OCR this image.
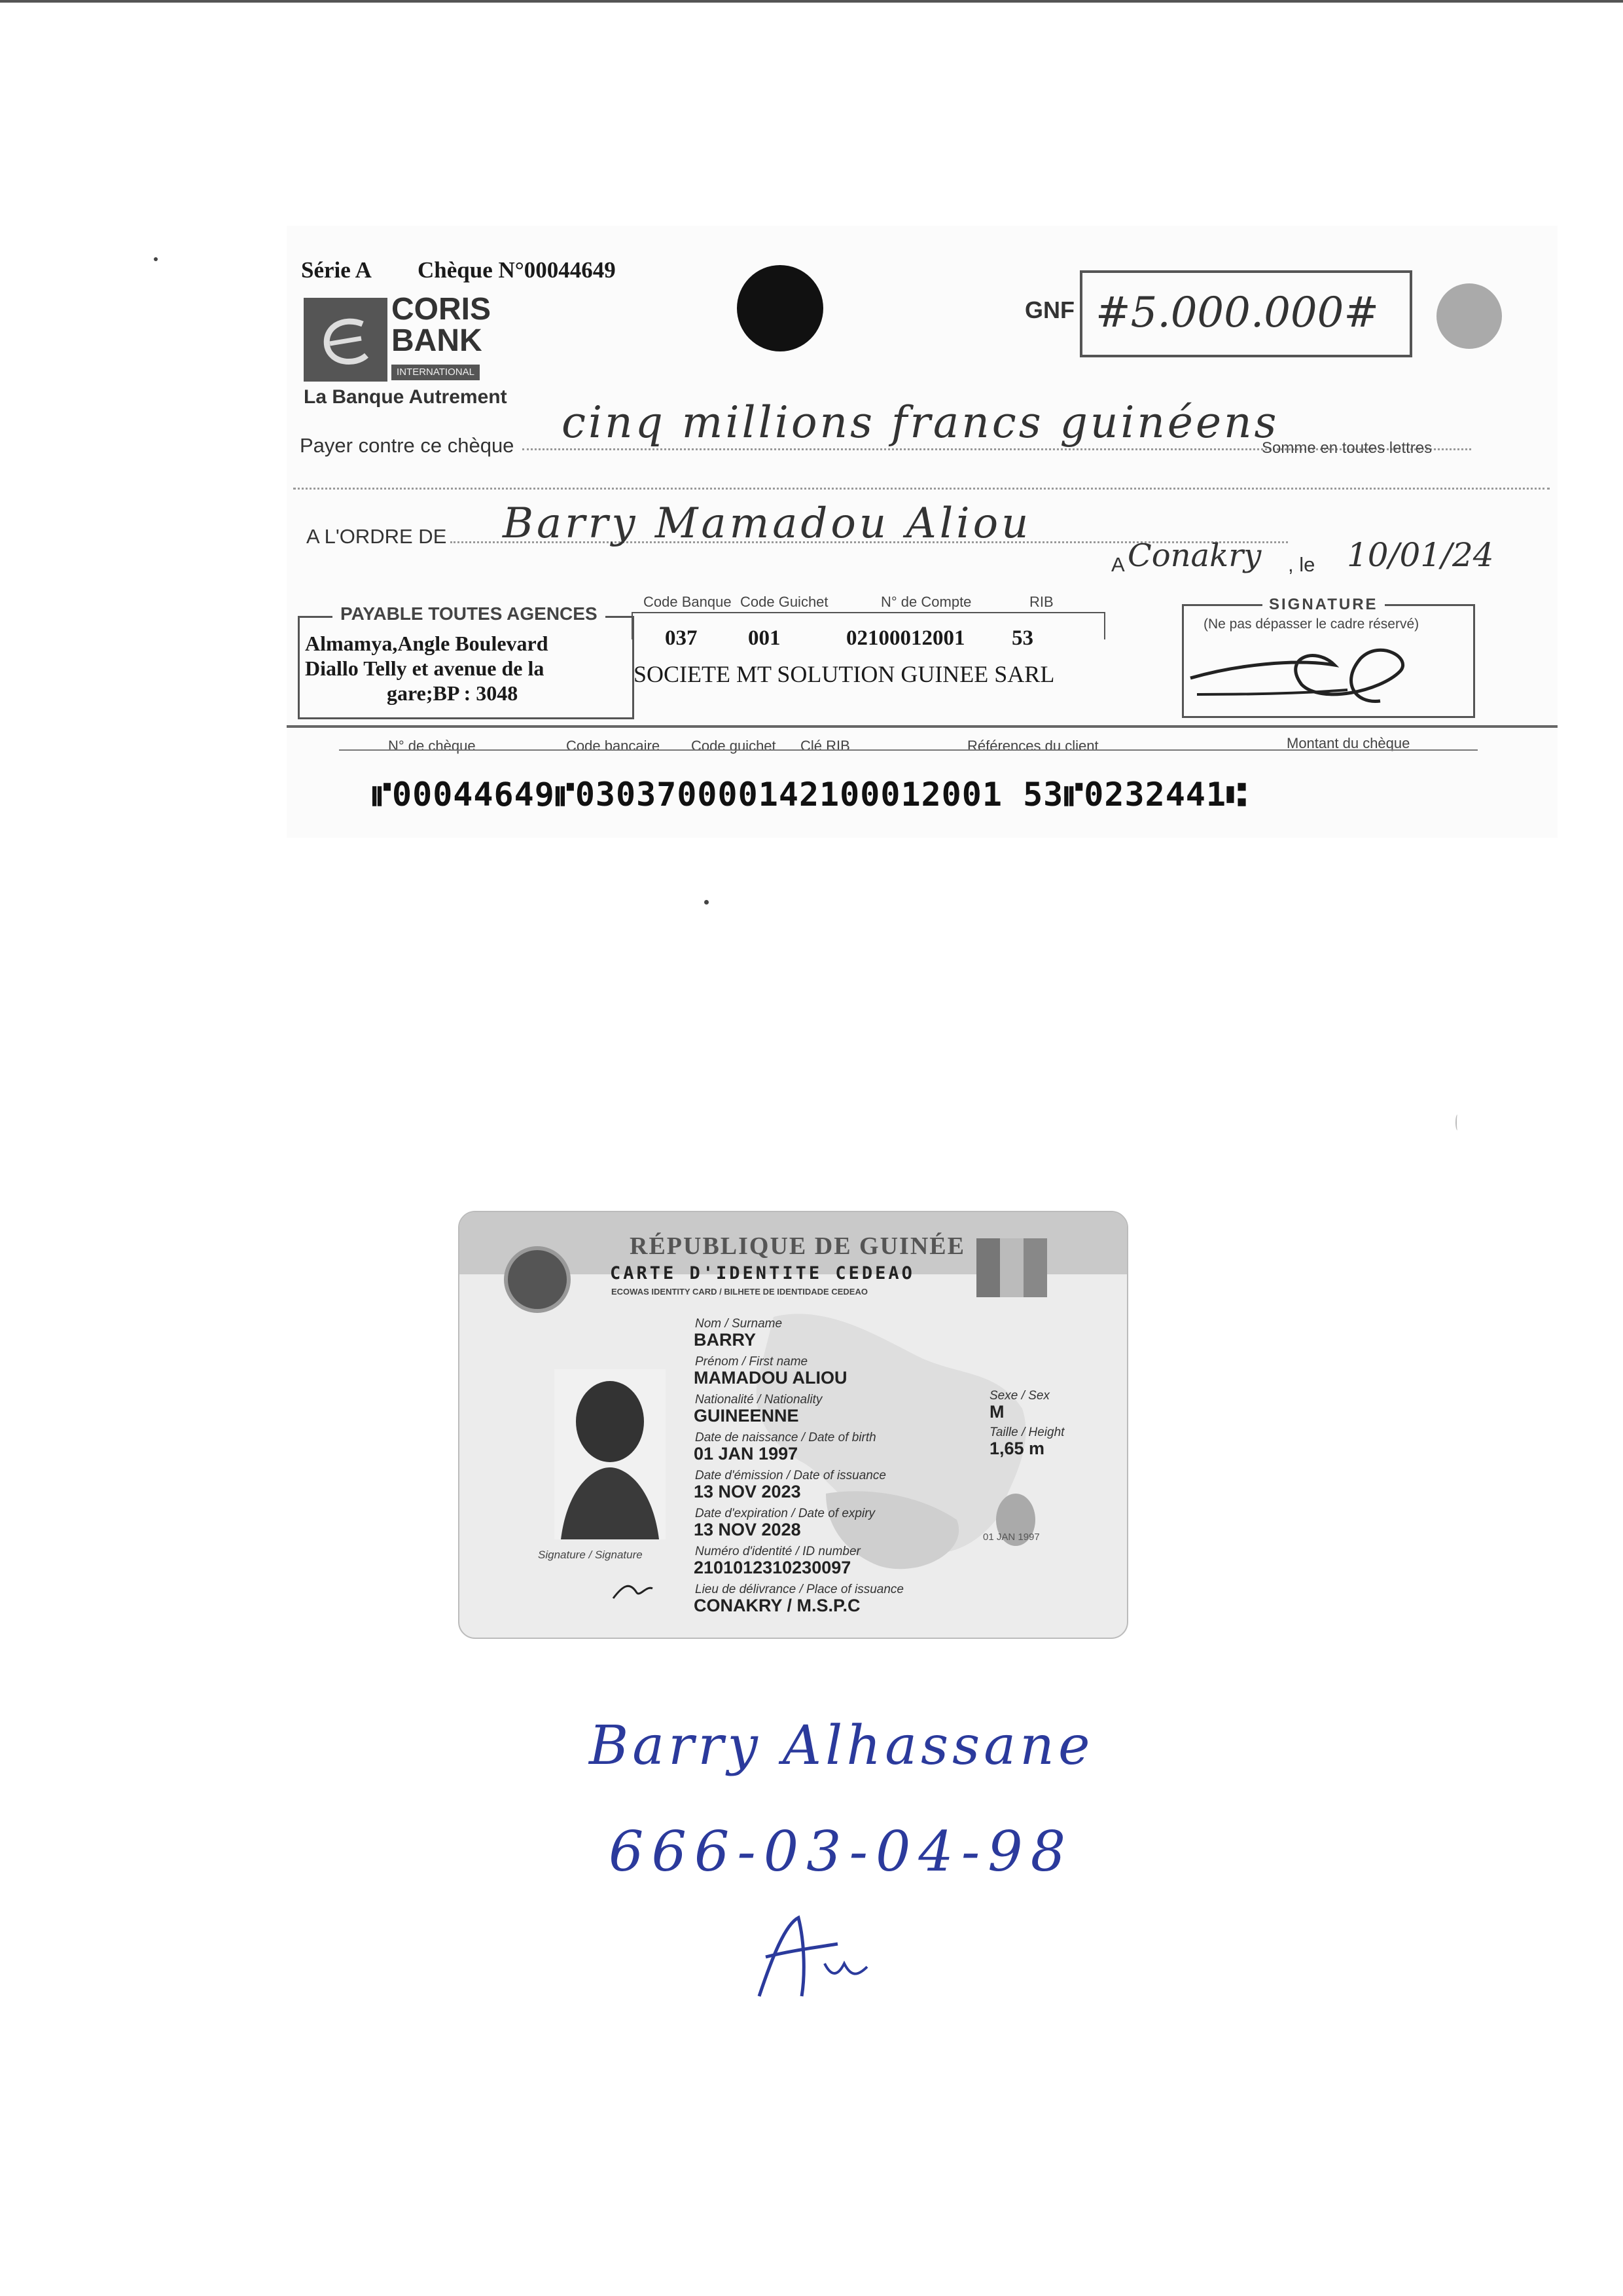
Série A Chèque N°00044649
CORIS
BANK
INTERNATIONAL
La Banque Autrement
GNF #5.000.000#
Payer contre ce chèque cinq millions francs guinéens
Somme en toutes lettres
A L'ORDRE DE Barry Mamadou Aliou
A Conakry , le 10/01/24
PAYABLE TOUTES AGENCES
Almamya,Angle Boulevard
Diallo Telly et avenue de la
gare;BP : 3048
Code Banque Code Guichet	N° de Compte	RIB
037 001	02100012001 53
SOCIETE MT SOLUTION GUINEE SARL
SIGNATURE
(Ne pas dépasser le cadre réservé)
N° de chèque	Code bancaire Code guichet Clé RIB	Références du client	Montant du chèque
⑈00044649⑈030370000142100012001 53⑈0232441⑆
RÉPUBLIQUE DE GUINÉE
CARTE D'IDENTITE CEDEAO
ECOWAS IDENTITY CARD / BILHETE DE IDENTIDADE CEDEAO
Signature / Signature
Nom / Surname
BARRY
Prénom / First name
MAMADOU ALIOU
Nationalité / Nationality
GUINEENNE
Date de naissance / Date of birth
01 JAN 1997
Date d'émission / Date of issuance
13 NOV 2023
Date d'expiration / Date of expiry
13 NOV 2028
Numéro d'identité / ID number
2101012310230097
Lieu de délivrance / Place of issuance
CONAKRY / M.S.P.C
Sexe / Sex
M
Taille / Height
1,65 m
01 JAN 1997
Barry Alhassane
666-03-04-98
